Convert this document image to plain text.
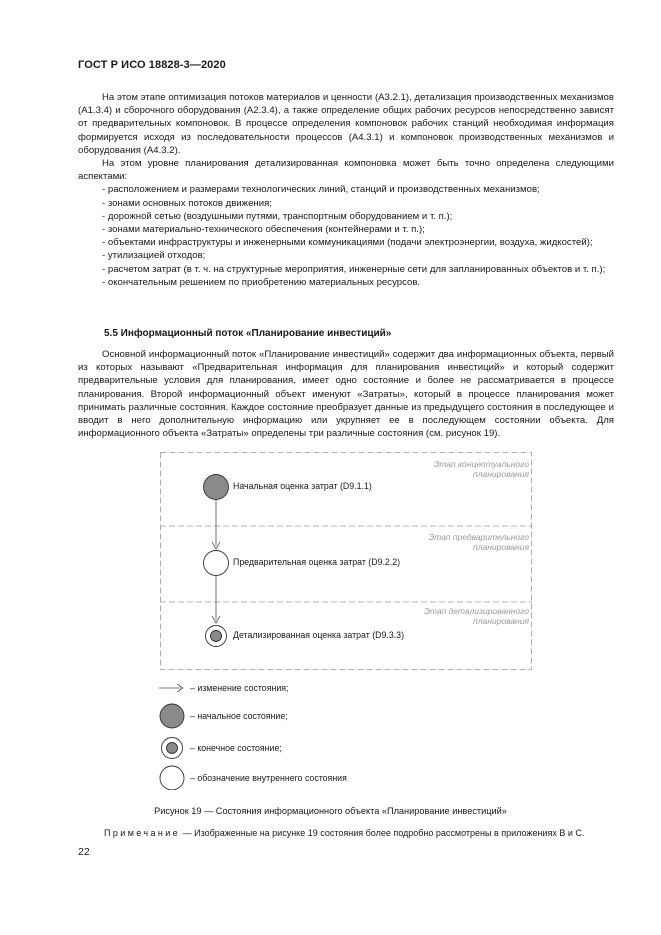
ГОСТ Р ИСО 18828-3—2020

На этом этапе оптимизация потоков материалов и ценности (А3.2.1), детализация производственных механизмов (А1.3.4) и сборочного оборудования (А2.3.4), а также определение общих рабочих ресурсов непосредственно зависят от предварительных компоновок. В процессе определения компоновок рабочих станций необходимая информация формируется исходя из последовательности процессов (А4.3.1) и компоновок производственных механизмов и оборудования (А4.3.2).

На этом уровне планирования детализированная компоновка может быть точно определена следующими аспектами:

- расположением и размерами технологических линий, станций и производственных механизмов;

- зонами основных потоков движения;

- дорожной сетью (воздушными путями, транспортным оборудованием и т. п.);

- зонами материально-технического обеспечения (контейнерами и т. п.);

- объектами инфраструктуры и инженерными коммуникациями (подачи электроэнергии, воздуха, жидкостей);

- утилизацией отходов;

- расчетом затрат (в т. ч. на структурные мероприятия, инженерные сети для запланированных объектов и т. п.);

- окончательным решением по приобретению материальных ресурсов.

5.5 Информационный поток «Планирование инвестиций»

Основной информационный поток «Планирование инвестиций» содержит два информационных объекта, первый из которых называют «Предварительная информация для планирования инвестиций» и который содержит предварительные условия для планирования, имеет одно состояние и более не рассматривается в процессе планирования. Второй информационный объект именуют «Затраты», который в процессе планирования может принимать различные состояния. Каждое состояние преобразует данные из предыдущего состояния в последующее и вводит в него дополнительную информацию или укрупняет ее в последующем состоянии объекта. Для информационного объекта «Затраты» определены три различные состояния (см. рисунок 19).

Этап концептуального
планирования
Этап предварительного
планирования
Этап детализированного
планирования
Начальная оценка затрат (D9.1.1)
Предварительная оценка затрат (D9.2.2)
Детализированная оценка затрат (D9.3.3)
– изменение состояния;
– начальное состояние;
– конечное состояние;
– обозначение внутреннего состояния
Рисунок 19 — Состояния информационного объекта «Планирование инвестиций»
Примечание — Изображенные на рисунке 19 состояния более подробно рассмотрены в приложениях В и С.
22
